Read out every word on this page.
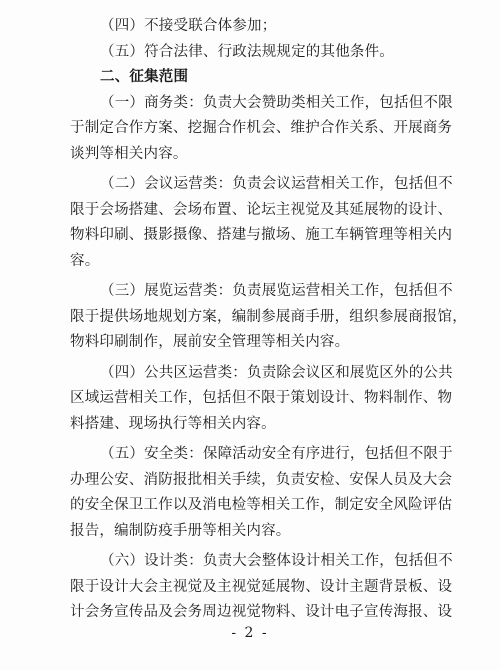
（四）不接受联合体参加；
（五）符合法律、行政法规规定的其他条件。
二、征集范围
（一）商务类：负责大会赞助类相关工作，包括但不限
于制定合作方案、挖掘合作机会、维护合作关系、开展商务
谈判等相关内容。
（二）会议运营类：负责会议运营相关工作，包括但不
限于会场搭建、会场布置、论坛主视觉及其延展物的设计、
物料印刷、摄影摄像、搭建与撤场、施工车辆管理等相关内
容。
（三）展览运营类：负责展览运营相关工作，包括但不
限于提供场地规划方案，编制参展商手册，组织参展商报馆，
物料印刷制作，展前安全管理等相关内容。
（四）公共区运营类：负责除会议区和展览区外的公共
区域运营相关工作，包括但不限于策划设计、物料制作、物
料搭建、现场执行等相关内容。
（五）安全类：保障活动安全有序进行，包括但不限于
办理公安、消防报批相关手续，负责安检、安保人员及大会
的安全保卫工作以及消电检等相关工作，制定安全风险评估
报告，编制防疫手册等相关内容。
（六）设计类：负责大会整体设计相关工作，包括但不
限于设计大会主视觉及主视觉延展物、设计主题背景板、设
计会务宣传品及会务周边视觉物料、设计电子宣传海报、设
- 2 -
